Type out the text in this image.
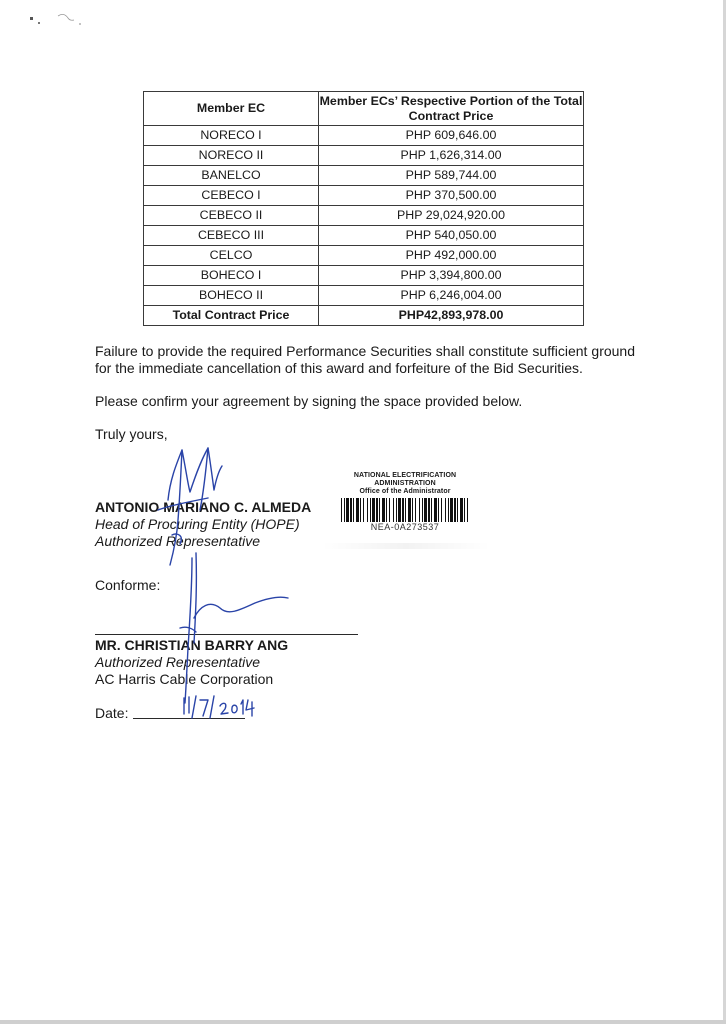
Member EC	Member ECs’ Respective Portion of the Total Contract Price
NORECO I	PHP 609,646.00
NORECO II	PHP 1,626,314.00
BANELCO	PHP 589,744.00
CEBECO I	PHP 370,500.00
CEBECO II	PHP 29,024,920.00
CEBECO III	PHP 540,050.00
CELCO	PHP 492,000.00
BOHECO I	PHP 3,394,800.00
BOHECO II	PHP 6,246,004.00
Total Contract Price	PHP42,893,978.00
Failure to provide the required Performance Securities shall constitute sufficient ground for the immediate cancellation of this award and forfeiture of the Bid Securities.
Please confirm your agreement by signing the space provided below.
Truly yours,
ANTONIO MARIANO C. ALMEDA
Head of Procuring Entity (HOPE)
Authorized Representative
NATIONAL ELECTRIFICATION
ADMINISTRATION
Office of the Administrator
NEA-0A273537
Conforme:
MR. CHRISTIAN BARRY ANG
Authorized Representative
AC Harris Cable Corporation
Date:
